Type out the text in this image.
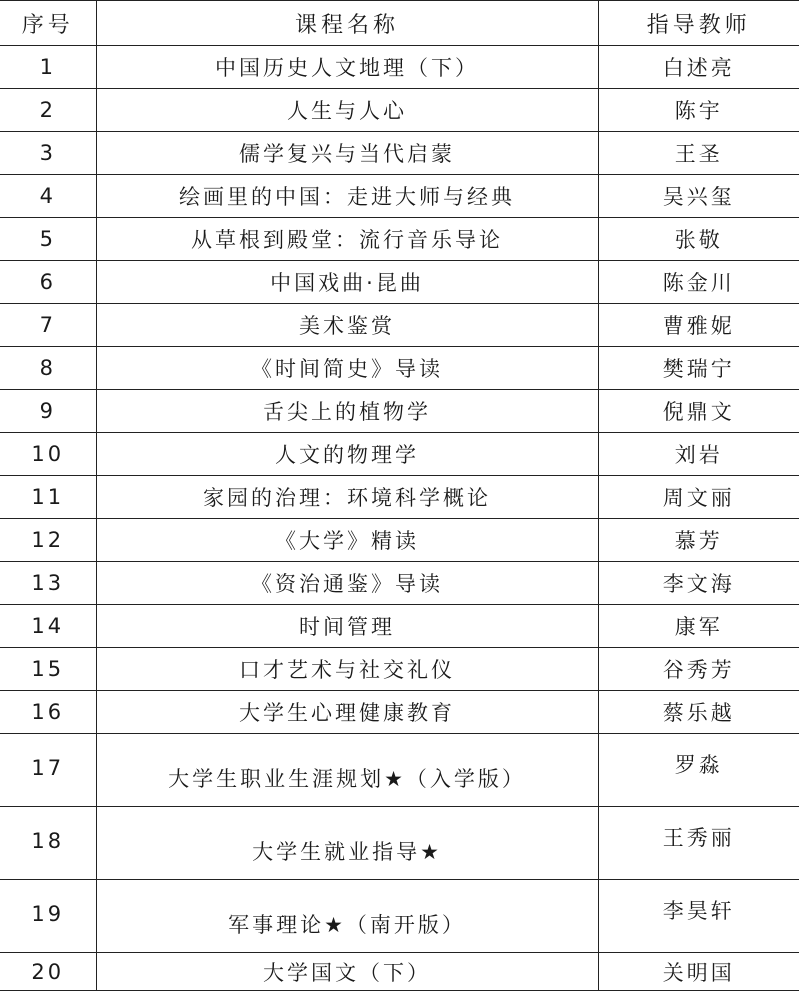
序号	课程名称	指导教师
1	中国历史人文地理（下）	白述亮
2	人生与人心	陈宇
3	儒学复兴与当代启蒙	王圣
4	绘画里的中国：走进大师与经典	吴兴玺
5	从草根到殿堂：流行音乐导论	张敬
6	中国戏曲·昆曲	陈金川
7	美术鉴赏	曹雅妮
8	《时间简史》导读	樊瑞宁
9	舌尖上的植物学	倪鼎文
10	人文的物理学	刘岩
11	家园的治理：环境科学概论	周文丽
12	《大学》精读	慕芳
13	《资治通鉴》导读	李文海
14	时间管理	康军
15	口才艺术与社交礼仪	谷秀芳
16	大学生心理健康教育	蔡乐越
17	大学生职业生涯规划★（入学版）	罗淼
18	大学生就业指导★	王秀丽
19	军事理论★（南开版）	李昊轩
20	大学国文（下）	关明国
